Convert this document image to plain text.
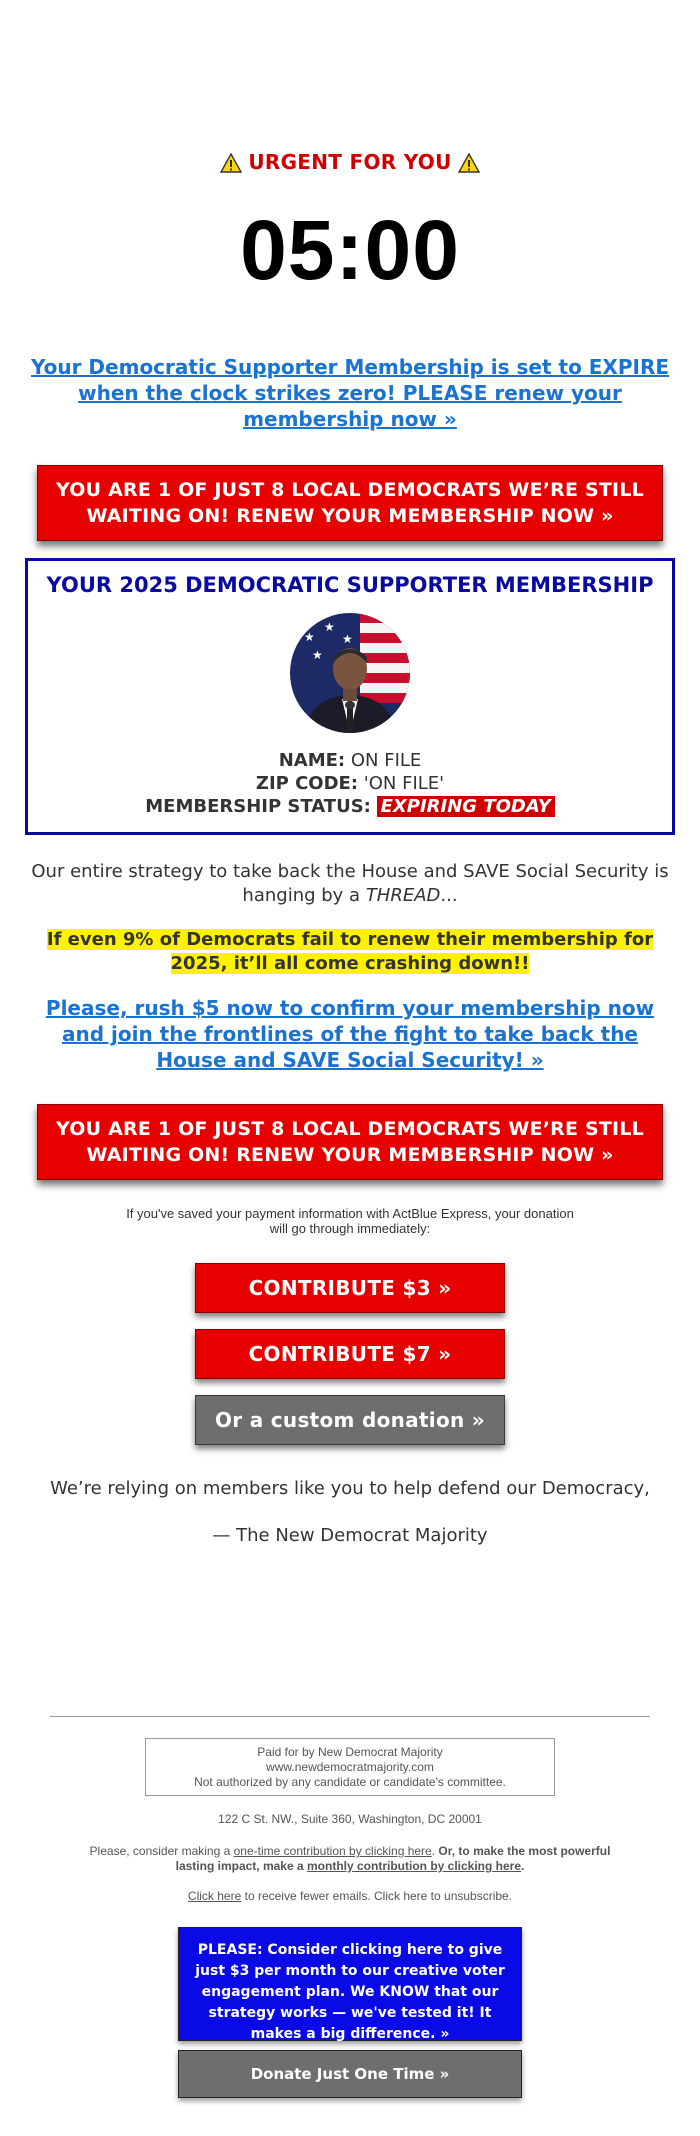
URGENT FOR YOU
05:00
Your Democratic Supporter Membership is set to EXPIRE when the clock strikes zero! PLEASE renew your membership now »
YOU ARE 1 OF JUST 8 LOCAL DEMOCRATS WE’RE STILL WAITING ON! RENEW YOUR MEMBERSHIP NOW »
YOUR 2025 DEMOCRATIC SUPPORTER MEMBERSHIP
★
★
★
★
NAME: ON FILE
ZIP CODE: 'ON FILE'
MEMBERSHIP STATUS: EXPIRING TODAY
Our entire strategy to take back the House and SAVE Social Security is hanging by a THREAD...
If even 9% of Democrats fail to renew their membership for 2025, it’ll all come crashing down!!
Please, rush $5 now to confirm your membership now and join the frontlines of the fight to take back the House and SAVE Social Security! »
YOU ARE 1 OF JUST 8 LOCAL DEMOCRATS WE’RE STILL WAITING ON! RENEW YOUR MEMBERSHIP NOW »
If you've saved your payment information with ActBlue Express, your donation will go through immediately:
CONTRIBUTE $3 »
CONTRIBUTE $7 »
Or a custom donation »
We’re relying on members like you to help defend our Democracy,
— The New Democrat Majority
Paid for by New Democrat Majority
www.newdemocratmajority.com
Not authorized by any candidate or candidate's committee.
122 C St. NW., Suite 360, Washington, DC 20001
Please, consider making a one-time contribution by clicking here. Or, to make the most powerful lasting impact, make a monthly contribution by clicking here.
Click here to receive fewer emails. Click here to unsubscribe.
PLEASE: Consider clicking here to give just $3 per month to our creative voter engagement plan. We KNOW that our strategy works — we've tested it! It makes a big difference. »
Donate Just One Time »
